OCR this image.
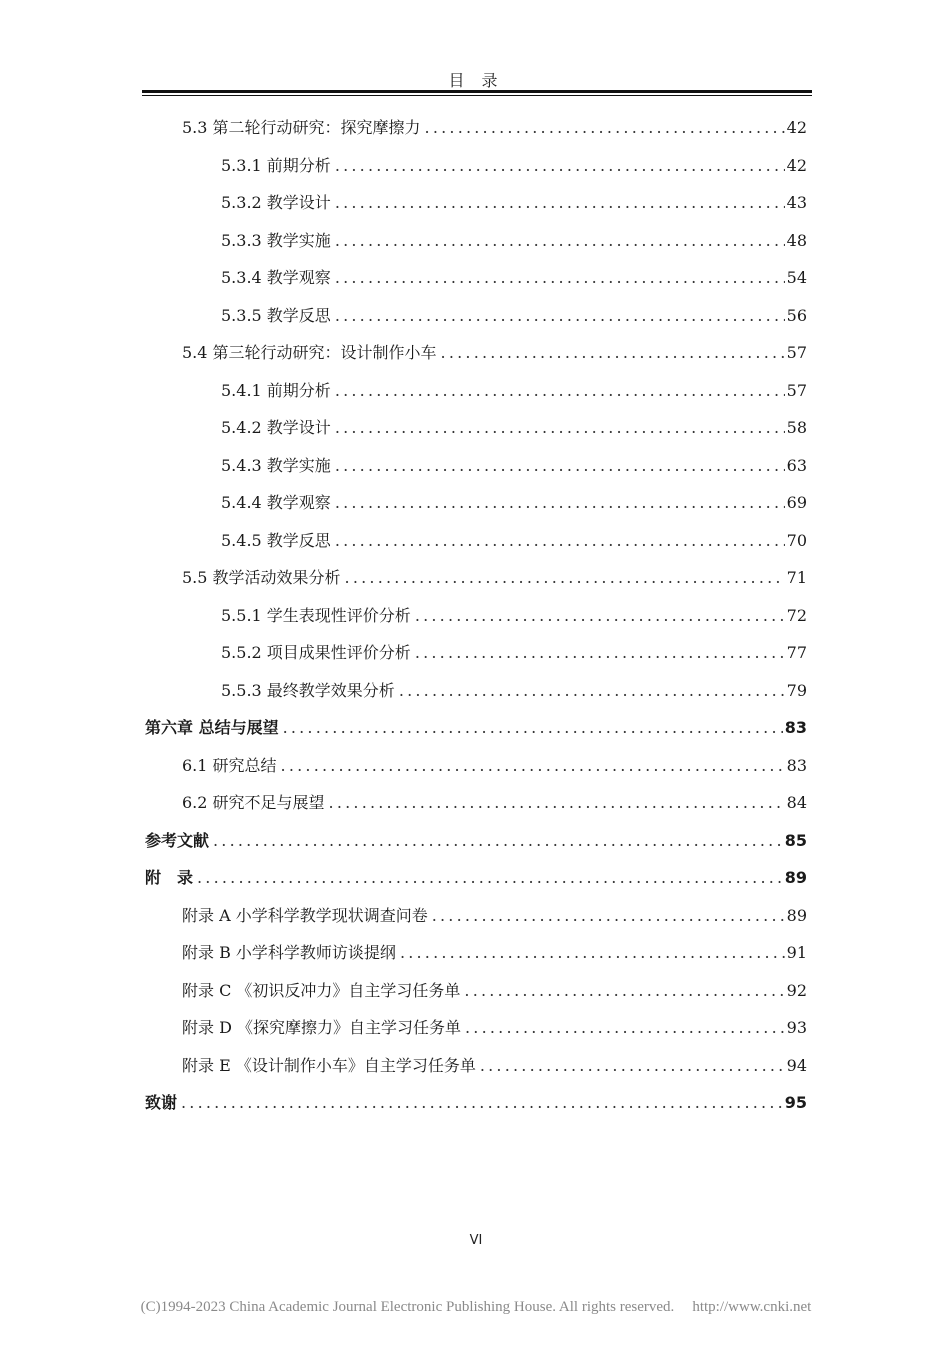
目 录
5.3 第二轮行动研究：探究摩擦力 .....	42
5.3.1 前期分析 .....	42
5.3.2 教学设计 .....	43
5.3.3 教学实施 .....	48
5.3.4 教学观察 .....	54
5.3.5 教学反思 .....	56
5.4 第三轮行动研究：设计制作小车 .....	57
5.4.1 前期分析 .....	57
5.4.2 教学设计 .....	58
5.4.3 教学实施 .....	63
5.4.4 教学观察 .....	69
5.4.5 教学反思 .....	70
5.5 教学活动效果分析 .....	71
5.5.1 学生表现性评价分析 .....	72
5.5.2 项目成果性评价分析 .....	77
5.5.3 最终教学效果分析 .....	79
第六章 总结与展望 .....	83
6.1 研究总结 .....	83
6.2 研究不足与展望 .....	84
参考文献 .....	85
附　录 .....	89
附录 A 小学科学教学现状调查问卷 .....	89
附录 B 小学科学教师访谈提纲 .....	91
附录 C 《初识反冲力》自主学习任务单 .....	92
附录 D 《探究摩擦力》自主学习任务单 .....	93
附录 E 《设计制作小车》自主学习任务单 .....	94
致谢 .....	95
VI
(C)1994-2023 China Academic Journal Electronic Publishing House. All rights reserved. http://www.cnki.net
